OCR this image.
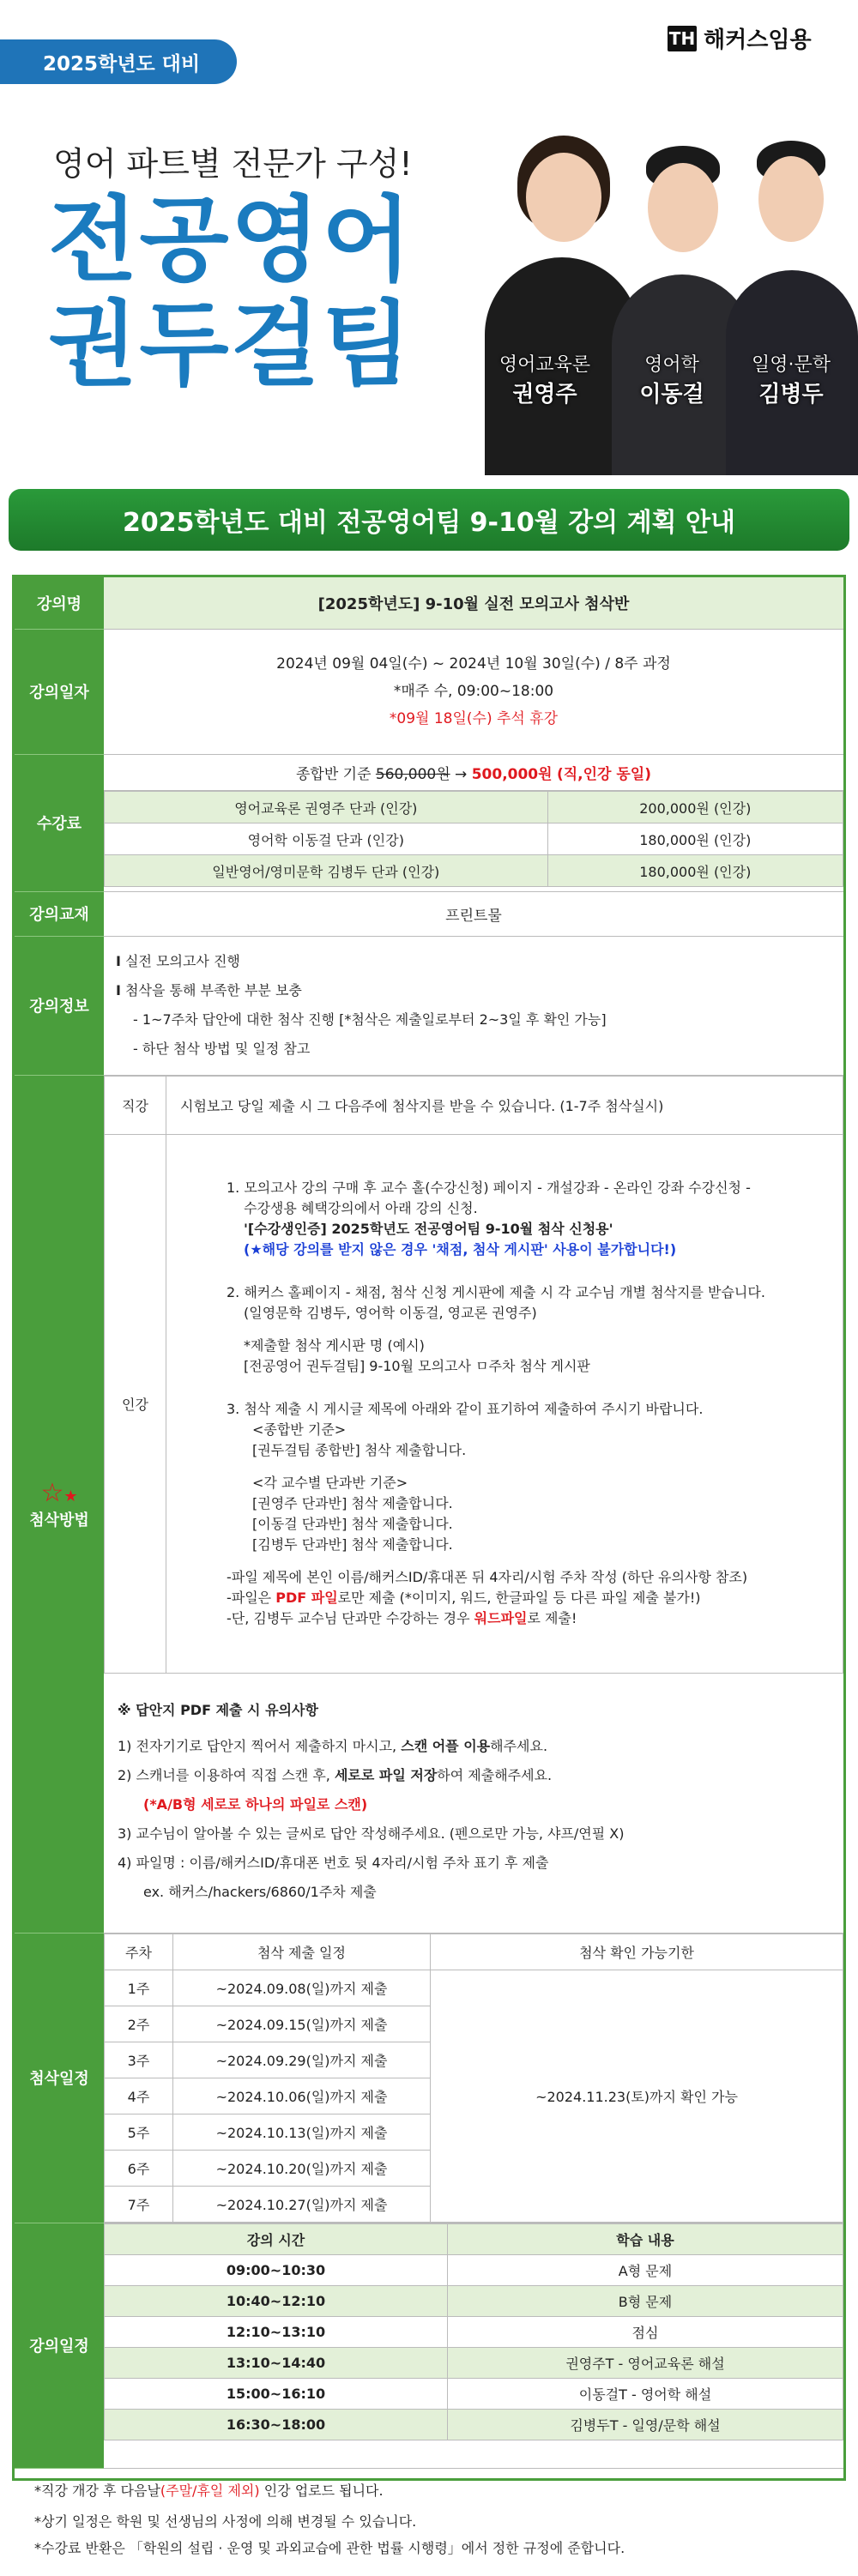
2025학년도 대비
TH 해커스임용
영어 파트별 전문가 구성!
전공영어
권두걸팀	영어교육론
권영주
영어학
이동걸
일영·문학
김병두
2025학년도 대비 전공영어팀 9-10월 강의 계획 안내
강의명	[2025학년도] 9-10월 실전 모의고사 첨삭반
강의일자	
2024년 09월 04일(수) ~ 2024년 10월 30일(수) / 8주 과정
*매주 수, 09:00~18:00
*09월 18일(수) 추석 휴강

수강료	
종합반 기준 560,000원 → 500,000원 (직,인강 동일)
영어교육론 권영주 단과 (인강)	200,000원 (인강)
영어학 이동걸 단과 (인강)	180,000원 (인강)
일반영어/영미문학 김병두 단과 (인강)	180,000원 (인강)

강의교재	프린트물
강의정보	
I 실전 모의고사 진행
I 첨삭을 통해 부족한 부분 보충
- 1~7주차 답안에 대한 첨삭 진행 [*첨삭은 제출일로부터 2~3일 후 확인 가능]
- 하단 첨삭 방법 및 일정 참고

☆★
첨삭방법

직강	시험보고 당일 제출 시 그 다음주에 첨삭지를 받을 수 있습니다. (1-7주 첨삭실시)
인강	
1. 모의고사 강의 구매 후 교수 홀(수강신청) 페이지 - 개설강좌 - 온라인 강좌 수강신청 -
수강생용 혜택강의에서 아래 강의 신청.
'[수강생인증] 2025학년도 전공영어팀 9-10월 첨삭 신청용'
(★해당 강의를 받지 않은 경우 '채점, 첨삭 게시판' 사용이 불가합니다!)
2. 해커스 홀페이지 - 채점, 첨삭 신청 게시판에 제출 시 각 교수님 개별 첨삭지를 받습니다.
(일영문학 김병두, 영어학 이동걸, 영교론 권영주)
*제출할 첨삭 게시판 명 (예시)
[전공영어 권두걸팀] 9-10월 모의고사 ㅁ주차 첨삭 게시판
3. 첨삭 제출 시 게시글 제목에 아래와 같이 표기하여 제출하여 주시기 바랍니다.
<종합반 기준>
[권두걸팀 종합반] 첨삭 제출합니다.
<각 교수별 단과반 기준>
[권영주 단과반] 첨삭 제출합니다.
[이동걸 단과반] 첨삭 제출합니다.
[김병두 단과반] 첨삭 제출합니다.
-파일 제목에 본인 이름/해커스ID/휴대폰 뒤 4자리/시험 주차 작성 (하단 유의사항 참조)
-파일은 PDF 파일로만 제출 (*이미지, 워드, 한글파일 등 다른 파일 제출 불가!)
-단, 김병두 교수님 단과만 수강하는 경우 워드파일로 제출!
※ 답안지 PDF 제출 시 유의사항
1) 전자기기로 답안지 찍어서 제출하지 마시고, 스캔 어플 이용해주세요.
2) 스캐너를 이용하여 직접 스캔 후, 세로로 파일 저장하여 제출해주세요.
(*A/B형 세로로 하나의 파일로 스캔)
3) 교수님이 알아볼 수 있는 글씨로 답안 작성해주세요. (펜으로만 가능, 샤프/연필 X)
4) 파일명 : 이름/해커스ID/휴대폰 번호 뒷 4자리/시험 주차 표기 후 제출
ex. 해커스/hackers/6860/1주차 제출

첨삭일정	
주차	첨삭 제출 일정	첨삭 확인 가능기한
1주	~2024.09.08(일)까지 제출	~2024.11.23(토)까지 확인 가능
2주	~2024.09.15(일)까지 제출
3주	~2024.09.29(일)까지 제출
4주	~2024.10.06(일)까지 제출
5주	~2024.10.13(일)까지 제출
6주	~2024.10.20(일)까지 제출
7주	~2024.10.27(일)까지 제출

강의일정	
강의 시간	학습 내용
09:00~10:30	A형 문제
10:40~12:10	B형 문제
12:10~13:10	점심
13:10~14:40	권영주T - 영어교육론 해설
15:00~16:10	이동걸T - 영어학 해설
16:30~18:00	김병두T - 일영/문학 해설
*직강 개강 후 다음날(주말/휴일 제외) 인강 업로드 됩니다.
*상기 일정은 학원 및 선생님의 사정에 의해 변경될 수 있습니다.
*수강료 반환은 「학원의 설립 · 운영 및 과외교습에 관한 법률 시행령」에서 정한 규정에 준합니다.
